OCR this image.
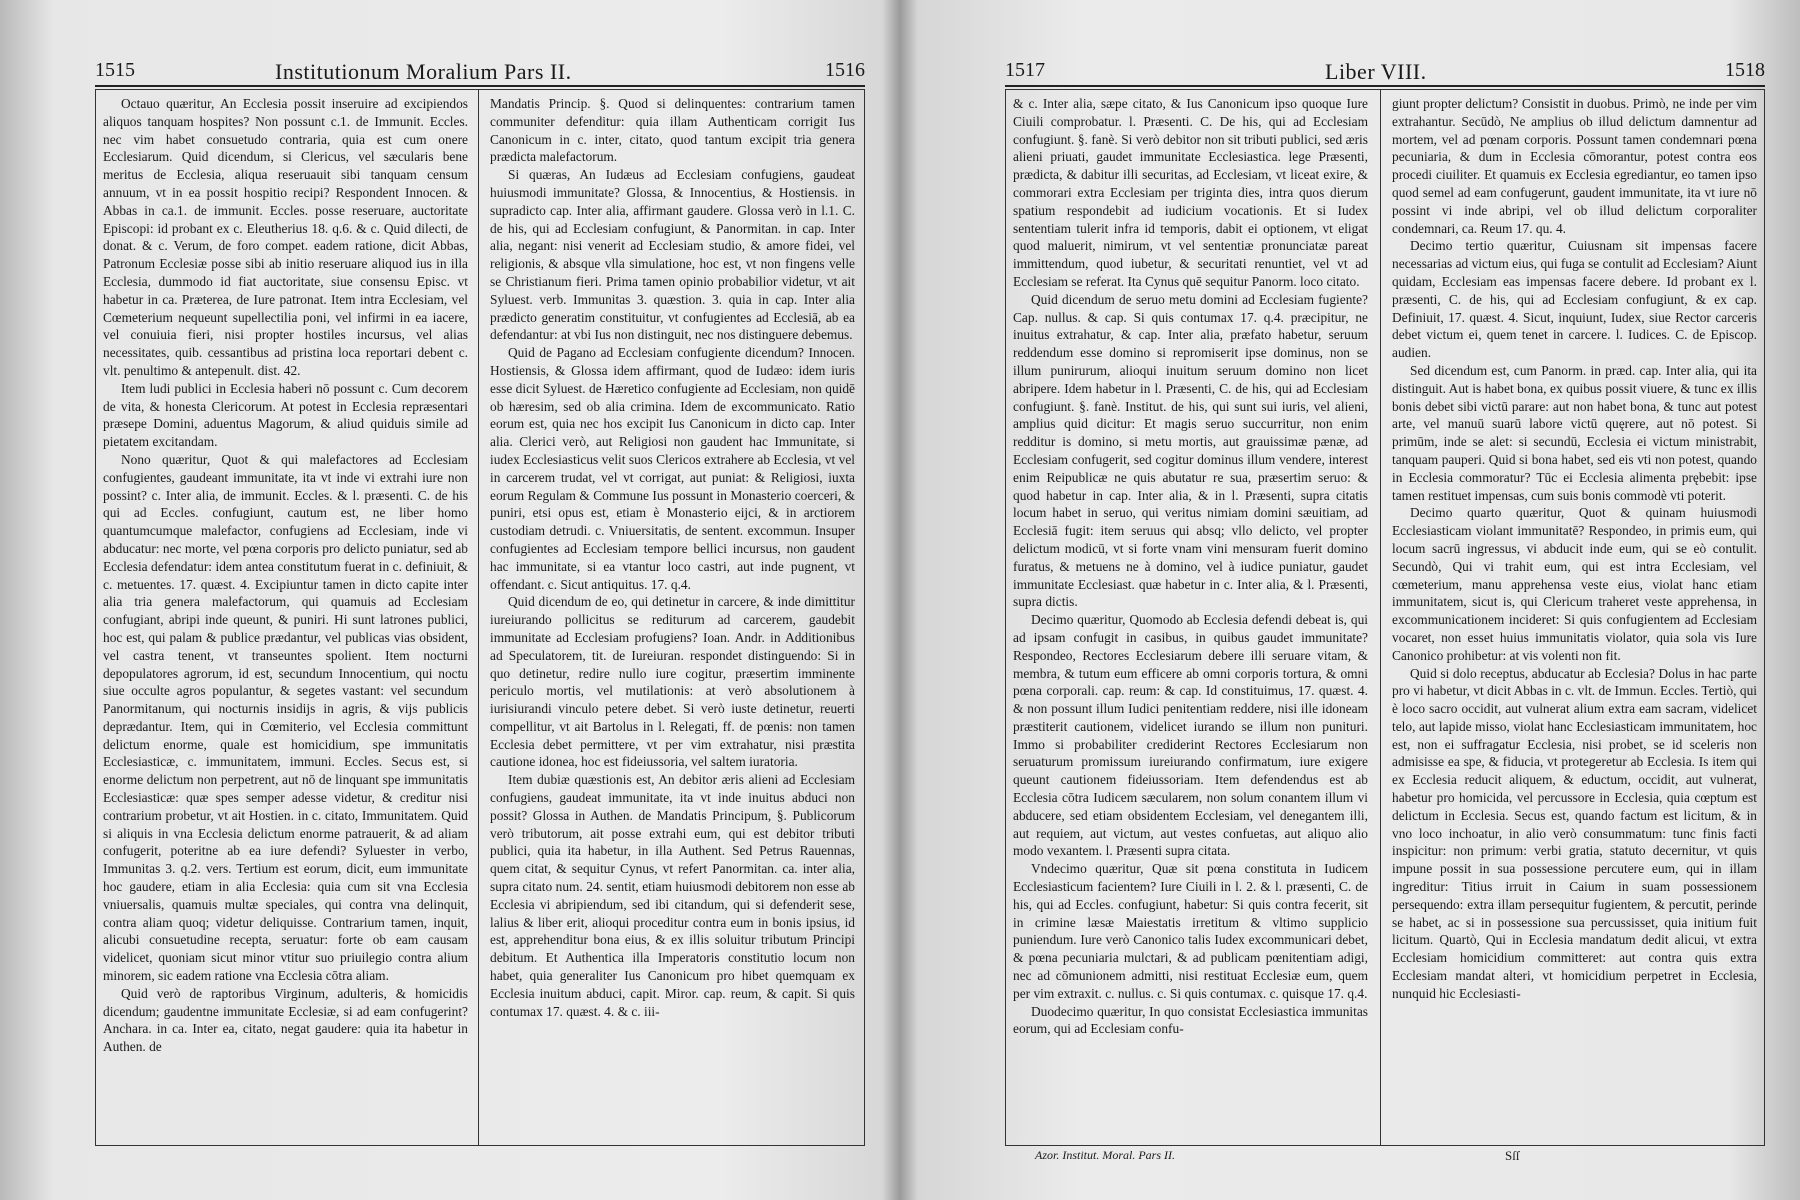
1515	Institutionum Moralium Pars II.	1516

Octauo quæritur, An Ecclesia possit inseruire ad excipiendos aliquos tanquam hospites? Non possunt c.1. de Immunit. Eccles. nec vim habet consuetudo contraria, quia est cum onere Ecclesiarum. Quid dicendum, si Clericus, vel sæcularis bene meritus de Ecclesia, aliqua reseruauit sibi tanquam censum annuum, vt in ea possit hospitio recipi? Respondent Innocen. & Abbas in ca.1. de immunit. Eccles. posse reseruare, auctoritate Episcopi: id probant ex c. Eleutherius 18. q.6. & c. Quid dilecti, de donat. & c. Verum, de foro compet. eadem ratione, dicit Abbas, Patronum Ecclesiæ posse sibi ab initio reseruare aliquod ius in illa Ecclesia, dummodo id fiat auctoritate, siue consensu Episc. vt habetur in ca. Præterea, de Iure patronat. Item intra Ecclesiam, vel Cœmeterium nequeunt supellectilia poni, vel infirmi in ea iacere, vel conuiuia fieri, nisi propter hostiles incursus, vel alias necessitates, quib. cessantibus ad pristina loca reportari debent c. vlt. penultimo & antepenult. dist. 42.

Item ludi publici in Ecclesia haberi nō possunt c. Cum decorem de vita, & honesta Clericorum. At potest in Ecclesia repræsentari præsepe Domini, aduentus Magorum, & aliud quiduis simile ad pietatem excitandam.

Nono quæritur, Quot & qui malefactores ad Ecclesiam confugientes, gaudeant immunitate, ita vt inde vi extrahi iure non possint? c. Inter alia, de immunit. Eccles. & l. præsenti. C. de his qui ad Eccles. confugiunt, cautum est, ne liber homo quantumcumque malefactor, confugiens ad Ecclesiam, inde vi abducatur: nec morte, vel pœna corporis pro delicto puniatur, sed ab Ecclesia defendatur: idem antea constitutum fuerat in c. definiuit, & c. metuentes. 17. quæst. 4. Excipiuntur tamen in dicto capite inter alia tria genera malefactorum, qui quamuis ad Ecclesiam confugiant, abripi inde queunt, & puniri. Hi sunt latrones publici, hoc est, qui palam & publice prædantur, vel publicas vias obsident, vel castra tenent, vt transeuntes spolient. Item nocturni depopulatores agrorum, id est, secundum Innocentium, qui noctu siue occulte agros populantur, & segetes vastant: vel secundum Panormitanum, qui nocturnis insidijs in agris, & vijs publicis deprædantur. Item, qui in Cœmiterio, vel Ecclesia committunt delictum enorme, quale est homicidium, spe immunitatis Ecclesiasticæ, c. immunitatem, immuni. Eccles. Secus est, si enorme delictum non perpetrent, aut nō de linquant spe immunitatis Ecclesiasticæ: quæ spes semper adesse videtur, & creditur nisi contrarium probetur, vt ait Hostien. in c. citato, Immunitatem. Quid si aliquis in vna Ecclesia delictum enorme patrauerit, & ad aliam confugerit, poteritne ab ea iure defendi? Syluester in verbo, Immunitas 3. q.2. vers. Tertium est eorum, dicit, eum immunitate hoc gaudere, etiam in alia Ecclesia: quia cum sit vna Ecclesia vniuersalis, quamuis multæ speciales, qui contra vna delinquit, contra aliam quoq; videtur deliquisse. Contrarium tamen, inquit, alicubi consuetudine recepta, seruatur: forte ob eam causam videlicet, quoniam sicut minor vtitur suo priuilegio contra alium minorem, sic eadem ratione vna Ecclesia cōtra aliam.

Quid verò de raptoribus Virginum, adulteris, & homicidis dicendum; gaudentne immunitate Ecclesiæ, si ad eam confugerint? Anchara. in ca. Inter ea, citato, negat gaudere: quia ita habetur in Authen. de

Mandatis Princip. §. Quod si delinquentes: contrarium tamen communiter defenditur: quia illam Authenticam corrigit Ius Canonicum in c. inter, citato, quod tantum excipit tria genera prædicta malefactorum.

Si quæras, An Iudæus ad Ecclesiam confugiens, gaudeat huiusmodi immunitate? Glossa, & Innocentius, & Hostiensis. in supradicto cap. Inter alia, affirmant gaudere. Glossa verò in l.1. C. de his, qui ad Ecclesiam confugiunt, & Panormitan. in cap. Inter alia, negant: nisi venerit ad Ecclesiam studio, & amore fidei, vel religionis, & absque vlla simulatione, hoc est, vt non fingens velle se Christianum fieri. Prima tamen opinio probabilior videtur, vt ait Syluest. verb. Immunitas 3. quæstion. 3. quia in cap. Inter alia prædicto generatim constituitur, vt confugientes ad Ecclesiā, ab ea defendantur: at vbi Ius non distinguit, nec nos distinguere debemus.

Quid de Pagano ad Ecclesiam confugiente dicendum? Innocen. Hostiensis, & Glossa idem affirmant, quod de Iudæo: idem iuris esse dicit Syluest. de Hæretico confugiente ad Ecclesiam, non quidē ob hæresim, sed ob alia crimina. Idem de excommunicato. Ratio eorum est, quia nec hos excipit Ius Canonicum in dicto cap. Inter alia. Clerici verò, aut Religiosi non gaudent hac Immunitate, si iudex Ecclesiasticus velit suos Clericos extrahere ab Ecclesia, vt vel in carcerem trudat, vel vt corrigat, aut puniat: & Religiosi, iuxta eorum Regulam & Commune Ius possunt in Monasterio coerceri, & puniri, etsi opus est, etiam è Monasterio eijci, & in arctiorem custodiam detrudi. c. Vniuersitatis, de sentent. excommun. Insuper confugientes ad Ecclesiam tempore bellici incursus, non gaudent hac immunitate, si ea vtantur loco castri, aut inde pugnent, vt offendant. c. Sicut antiquitus. 17. q.4.

Quid dicendum de eo, qui detinetur in carcere, & inde dimittitur iureiurando pollicitus se rediturum ad carcerem, gaudebit immunitate ad Ecclesiam profugiens? Ioan. Andr. in Additionibus ad Speculatorem, tit. de Iureiuran. respondet distinguendo: Si in quo detinetur, redire nullo iure cogitur, præsertim imminente periculo mortis, vel mutilationis: at verò absolutionem à iurisiurandi vinculo petere debet. Si verò iuste detinetur, reuerti compellitur, vt ait Bartolus in l. Relegati, ff. de pœnis: non tamen Ecclesia debet permittere, vt per vim extrahatur, nisi præstita cautione idonea, hoc est fideiussoria, vel saltem iuratoria.

Item dubiæ quæstionis est, An debitor æris alieni ad Ecclesiam confugiens, gaudeat immunitate, ita vt inde inuitus abduci non possit? Glossa in Authen. de Mandatis Principum, §. Publicorum verò tributorum, ait posse extrahi eum, qui est debitor tributi publici, quia ita habetur, in illa Authent. Sed Petrus Rauennas, quem citat, & sequitur Cynus, vt refert Panormitan. ca. inter alia, supra citato num. 24. sentit, etiam huiusmodi debitorem non esse ab Ecclesia vi abripiendum, sed ibi citandum, qui si defenderit sese, lalius & liber erit, alioqui proceditur contra eum in bonis ipsius, id est, apprehenditur bona eius, & ex illis soluitur tributum Principi debitum. Et Authentica illa Imperatoris constitutio locum non habet, quia generaliter Ius Canonicum pro hibet quemquam ex Ecclesia inuitum abduci, capit. Miror. cap. reum, & capit. Si quis contumax 17. quæst. 4. & c. iii-

1517	Liber VIII.	1518

& c. Inter alia, sæpe citato, & Ius Canonicum ipso quoque Iure Ciuili comprobatur. l. Præsenti. C. De his, qui ad Ecclesiam confugiunt. §. fanè. Si verò debitor non sit tributi publici, sed æris alieni priuati, gaudet immunitate Ecclesiastica. lege Præsenti, prædicta, & dabitur illi securitas, ad Ecclesiam, vt liceat exire, & commorari extra Ecclesiam per triginta dies, intra quos dierum spatium respondebit ad iudicium vocationis. Et si Iudex sententiam tulerit infra id temporis, dabit ei optionem, vt eligat quod maluerit, nimirum, vt vel sententiæ pronunciatæ pareat immittendum, quod iubetur, & securitati renuntiet, vel vt ad Ecclesiam se referat. Ita Cynus quē sequitur Panorm. loco citato.

Quid dicendum de seruo metu domini ad Ecclesiam fugiente? Cap. nullus. & cap. Si quis contumax 17. q.4. præcipitur, ne inuitus extrahatur, & cap. Inter alia, præfato habetur, seruum reddendum esse domino si repromiserit ipse dominus, non se illum punirurum, alioqui inuitum seruum domino non licet abripere. Idem habetur in l. Præsenti, C. de his, qui ad Ecclesiam confugiunt. §. fanè. Institut. de his, qui sunt sui iuris, vel alieni, amplius quid dicitur: Et magis seruo succurritur, non enim redditur is domino, si metu mortis, aut grauissimæ pænæ, ad Ecclesiam confugerit, sed cogitur dominus illum vendere, interest enim Reipublicæ ne quis abutatur re sua, præsertim seruo: & quod habetur in cap. Inter alia, & in l. Præsenti, supra citatis locum habet in seruo, qui veritus nimiam domini sæuitiam, ad Ecclesiā fugit: item seruus qui absq; vllo delicto, vel propter delictum modicū, vt si forte vnam vini mensuram fuerit domino furatus, & metuens ne à domino, vel à iudice puniatur, gaudet immunitate Ecclesiast. quæ habetur in c. Inter alia, & l. Præsenti, supra dictis.

Decimo quæritur, Quomodo ab Ecclesia defendi debeat is, qui ad ipsam confugit in casibus, in quibus gaudet immunitate? Respondeo, Rectores Ecclesiarum debere illi seruare vitam, & membra, & tutum eum efficere ab omni corporis tortura, & omni pœna corporali. cap. reum: & cap. Id constituimus, 17. quæst. 4. & non possunt illum Iudici penitentiam reddere, nisi ille idoneam præstiterit cautionem, videlicet iurando se illum non punituri. Immo si probabiliter crediderint Rectores Ecclesiarum non seruaturum promissum iureiurando confirmatum, iure exigere queunt cautionem fideiussoriam. Item defendendus est ab Ecclesia cōtra Iudicem sæcularem, non solum conantem illum vi abducere, sed etiam obsidentem Ecclesiam, vel denegantem illi, aut requiem, aut victum, aut vestes confuetas, aut aliquo alio modo vexantem. l. Præsenti supra citata.

Vndecimo quæritur, Quæ sit pœna constituta in Iudicem Ecclesiasticum facientem? Iure Ciuili in l. 2. & l. præsenti, C. de his, qui ad Eccles. confugiunt, habetur: Si quis contra fecerit, sit in crimine læsæ Maiestatis irretitum & vltimo supplicio puniendum. Iure verò Canonico talis Iudex excommunicari debet, & pœna pecuniaria mulctari, & ad publicam pœnitentiam adigi, nec ad cōmunionem admitti, nisi restituat Ecclesiæ eum, quem per vim extraxit. c. nullus. c. Si quis contumax. c. quisque 17. q.4.

Duodecimo quæritur, In quo consistat Ecclesiastica immunitas eorum, qui ad Ecclesiam confu-

giunt propter delictum? Consistit in duobus. Primò, ne inde per vim extrahantur. Secūdò, Ne amplius ob illud delictum damnentur ad mortem, vel ad pœnam corporis. Possunt tamen condemnari pœna pecuniaria, & dum in Ecclesia cōmorantur, potest contra eos procedi ciuiliter. Et quamuis ex Ecclesia egrediantur, eo tamen ipso quod semel ad eam confugerunt, gaudent immunitate, ita vt iure nō possint vi inde abripi, vel ob illud delictum corporaliter condemnari, ca. Reum 17. qu. 4.

Decimo tertio quæritur, Cuiusnam sit impensas facere necessarias ad victum eius, qui fuga se contulit ad Ecclesiam? Aiunt quidam, Ecclesiam eas impensas facere debere. Id probant ex l. præsenti, C. de his, qui ad Ecclesiam confugiunt, & ex cap. Definiuit, 17. quæst. 4. Sicut, inquiunt, Iudex, siue Rector carceris debet victum ei, quem tenet in carcere. l. Iudices. C. de Episcop. audien.

Sed dicendum est, cum Panorm. in præd. cap. Inter alia, qui ita distinguit. Aut is habet bona, ex quibus possit viuere, & tunc ex illis bonis debet sibi victū parare: aut non habet bona, & tunc aut potest arte, vel manuū suarū labore victū quęrere, aut nō potest. Si primūm, inde se alet: si secundū, Ecclesia ei victum ministrabit, tanquam pauperi. Quid si bona habet, sed eis vti non potest, quando in Ecclesia commoratur? Tūc ei Ecclesia alimenta prębebit: ipse tamen restituet impensas, cum suis bonis commodè vti poterit.

Decimo quarto quæritur, Quot & quinam huiusmodi Ecclesiasticam violant immunitatē? Respondeo, in primis eum, qui locum sacrū ingressus, vi abducit inde eum, qui se eò contulit. Secundò, Qui vi trahit eum, qui est intra Ecclesiam, vel cœmeterium, manu apprehensa veste eius, violat hanc etiam immunitatem, sicut is, qui Clericum traheret veste apprehensa, in excommunicationem incideret: Si quis confugientem ad Ecclesiam vocaret, non esset huius immunitatis violator, quia sola vis Iure Canonico prohibetur: at vis volenti non fit.

Quid si dolo receptus, abducatur ab Ecclesia? Dolus in hac parte pro vi habetur, vt dicit Abbas in c. vlt. de Immun. Eccles. Tertiò, qui è loco sacro occidit, aut vulnerat alium extra eam sacram, videlicet telo, aut lapide misso, violat hanc Ecclesiasticam immunitatem, hoc est, non ei suffragatur Ecclesia, nisi probet, se id sceleris non admisisse ea spe, & fiducia, vt protegeretur ab Ecclesia. Is item qui ex Ecclesia reducit aliquem, & eductum, occidit, aut vulnerat, habetur pro homicida, vel percussore in Ecclesia, quia cœptum est delictum in Ecclesia. Secus est, quando factum est licitum, & in vno loco inchoatur, in alio verò consummatum: tunc finis facti inspicitur: non primum: verbi gratia, statuto decernitur, vt quis impune possit in sua possessione percutere eum, qui in illam ingreditur: Titius irruit in Caium in suam possessionem persequendo: extra illam persequitur fugientem, & percutit, perinde se habet, ac si in possessione sua percussisset, quia initium fuit licitum. Quartò, Qui in Ecclesia mandatum dedit alicui, vt extra Ecclesiam homicidium committeret: aut contra quis extra Ecclesiam mandat alteri, vt homicidium perpetret in Ecclesia, nunquid hic Ecclesiasti-

Azor. Institut. Moral. Pars II.	Sſſ
